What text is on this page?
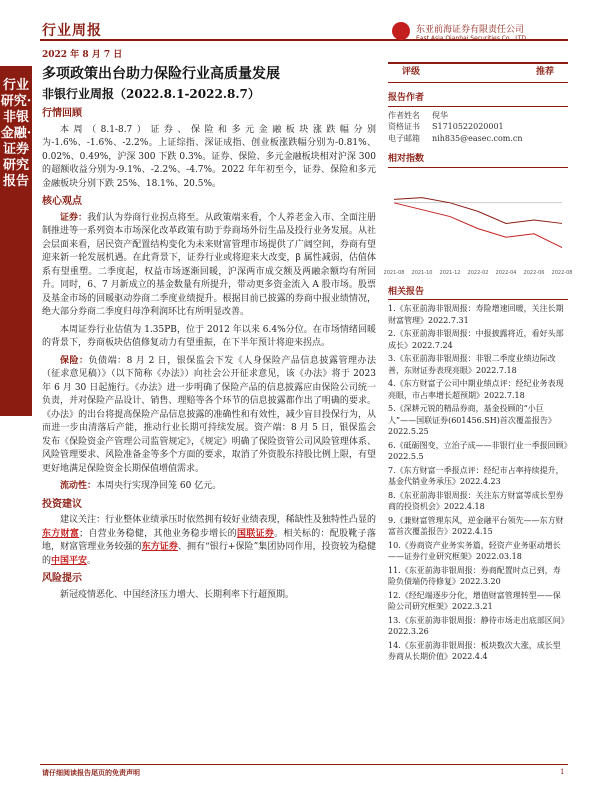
行业周报
2022 年 8 月 7 日
东亚前海证券有限责任公司
East Asia Qianhai Securities Co., LTD.
行业研究·非银金融·证券研究报告
多项政策出台助力保险行业高质量发展
非银行业周报（2022.8.1-2022.8.7）
行情回顾

本周（8.1-8.7）证券、保险和多元金融板块涨跌幅分别为-1.6%、-1.6%、-2.2%。上证综指、深证成指、创业板涨跌幅分别为-0.81%、0.02%、0.49%，沪深 300 下跌 0.3%。证券、保险、多元金融板块相对沪深 300 的超额收益分别为-9.1%、-2.2%、-4.7%。2022 年年初至今，证券、保险和多元金融板块分别下跌 25%、18.1%、20.5%。

核心观点

证券：我们认为券商行业拐点将至。从政策端来看，个人养老金入市、全面注册制推进等一系列资本市场深化改革政策有助于券商场外衍生品及投行业务发展。从社会层面来看，居民资产配置结构变化为未来财富管理市场提供了广阔空间，券商有望迎来新一轮发展机遇。在此背景下，证券行业或将迎来大改变，β 属性减弱，估值体系有望重塑。二季度起，权益市场逐渐回暖，沪深两市成交额及两融余额均有所回升。同时，6、7 月新成立的基金数量有所提升，带动更多资金流入 A 股市场。股票及基金市场的回暖驱动券商二季度业绩提升。根据目前已披露的券商中报业绩情况，绝大部分券商二季度归母净利润环比有所明显改善。

本周证券行业估值为 1.35PB，位于 2012 年以来 6.4%分位。在市场情绪回暖的背景下，券商板块估值修复动力有望重振，在下半年预计将迎来拐点。

保险：负债端：8 月 2 日，银保监会下发《人身保险产品信息披露管理办法（征求意见稿）》（以下简称《办法》）向社会公开征求意见，该《办法》将于 2023 年 6 月 30 日起施行。《办法》进一步明确了保险产品的信息披露应由保险公司统一负责，并对保险产品设计、销售、理赔等各个环节的信息披露都作出了明确的要求。《办法》的出台将提高保险产品信息披露的准确性和有效性，减少盲目投保行为，从而进一步由清落后产能，推动行业长期可持续发展。资产端：8 月 5 日，银保监会发布《保险资金产管理公司监管规定》，《规定》明确了保险资管公司风险管理体系、风险管理要求、风险准备金等多个方面的要求，取消了外资股东持股比例上限，有望更好地满足保险资金长期保值增值需求。

流动性：本周央行实现净回笼 60 亿元。

投资建议

建议关注：行业整体业绩承压时依然拥有较好业绩表现，稀缺性及独特性凸显的东方财富；自营业务稳健，其他业务稳步增长的国联证券。相关标的：配股靴子落地，财富管理业务较强的东方证券、拥有“银行+保险”集团协同作用，投资较为稳健的中国平安。

风险提示

新冠疫情恶化、中国经济压力增大、长期利率下行超预期。

评级	推荐
报告作者
作者姓名	倪华
资格证书	S1710522020001
电子邮箱	nih835@easec.com.cn
相对指数
2021-08 2021-10 2021-12 2022-02 2022-04 2022-06 2022-08
相关报告
1.《东亚前海非银周报：寿险增速回暖，关注长期财富管理》2022.7.31
2.《东亚前海非银周报：中报披露将近，看好头部成长》2022.7.24
3.《东亚前海非银周报：非银二季度业绩边际改善，东财证券表现亮眼》2022.7.18
4.《东方财富子公司中期业绩点评：经纪业务表现亮眼，市占率增长超预期》2022.7.18
5.《深耕元锐的精品券商，基金投顾的“小巨人”——国联证券(601456.SH)首次覆盖报告》2022.5.25
6.《砥砺图变，立治子成——非银行业一季报回顾》2022.5.5
7.《东方财富一季报点评：经纪市占率持续提升，基金代销业务承压》2022.4.23
8.《东亚前海非银周报：关注东方财富等成长型券商的投资机会》2022.4.18
9.《兼财富管理东风，逆金融平台领先——东方财富首次覆盖报告》2022.4.15
10.《券商资产业务实务篇，轻资产业务驱动增长——证券行业研究框架》2022.03.18
11.《东亚前海非银周报：券商配置时点已到，寿险负债端仍待修复》2022.3.20
12.《经纪端逐步分化，增值财富管理转型——保险公司研究框架》2022.3.21
13.《东亚前海非银周报：静待市场走出底部区间》2022.3.26
14.《东亚前海非银周报：板块数次大涨，成长型券商从长期价值》2022.4.4
请仔细阅读报告尾页的免责声明	1
